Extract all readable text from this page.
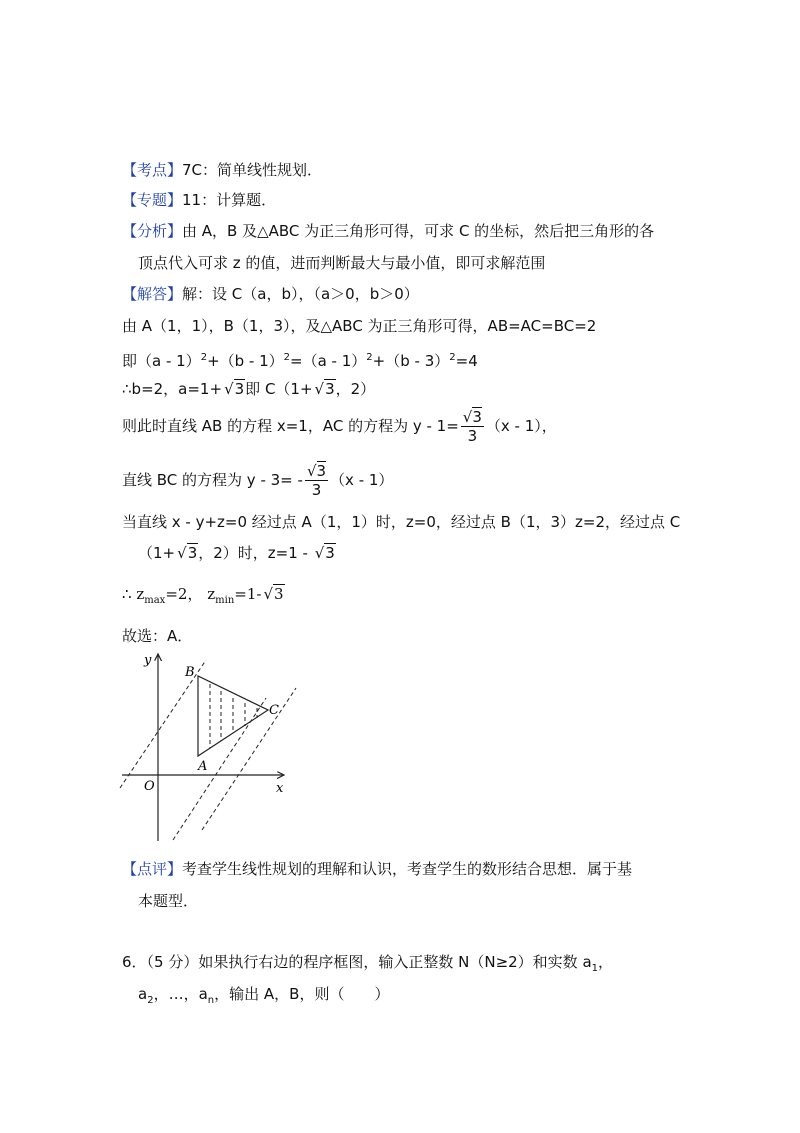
【考点】7C：简单线性规划．
【专题】11：计算题．
【分析】由 A，B 及△ABC 为正三角形可得，可求 C 的坐标，然后把三角形的各
顶点代入可求 z 的值，进而判断最大与最小值，即可求解范围
【解答】解：设 C（a，b），（a＞0，b＞0）
由 A（1，1），B（1，3），及△ABC 为正三角形可得，AB=AC=BC=2
即（a - 1）$^2$+（b - 1）$^2$=（a - 1）$^2$+（b - 3）$^2$=4
∴b=2，a=1+ √3即 C（1+ √3，2）
则此时直线 AB 的方程 x=1，AC 的方程为 $y - 1= \frac{√3}{3} (x - 1)$，
直线 BC 的方程为 $y - 3= - \frac{√3}{3} (x - 1)$
当直线 x - y+z=0 经过点 A（1，1）时，z=0，经过点 B（1，3）z=2，经过点 C
（1+ √3，2）时，z=1 - √3
∴ $z_{max}=2$， $z_{min}=1-$ √3
故选：A．
y
x
O
B
A
C
【点评】考查学生线性规划的理解和认识，考查学生的数形结合思想．属于基
本题型．
6．（5 分）如果执行右边的程序框图，输入正整数 N（N≥2）和实数 $a_1$，
$a_2$，…，$a_n$，输出 A，B，则（　　）
